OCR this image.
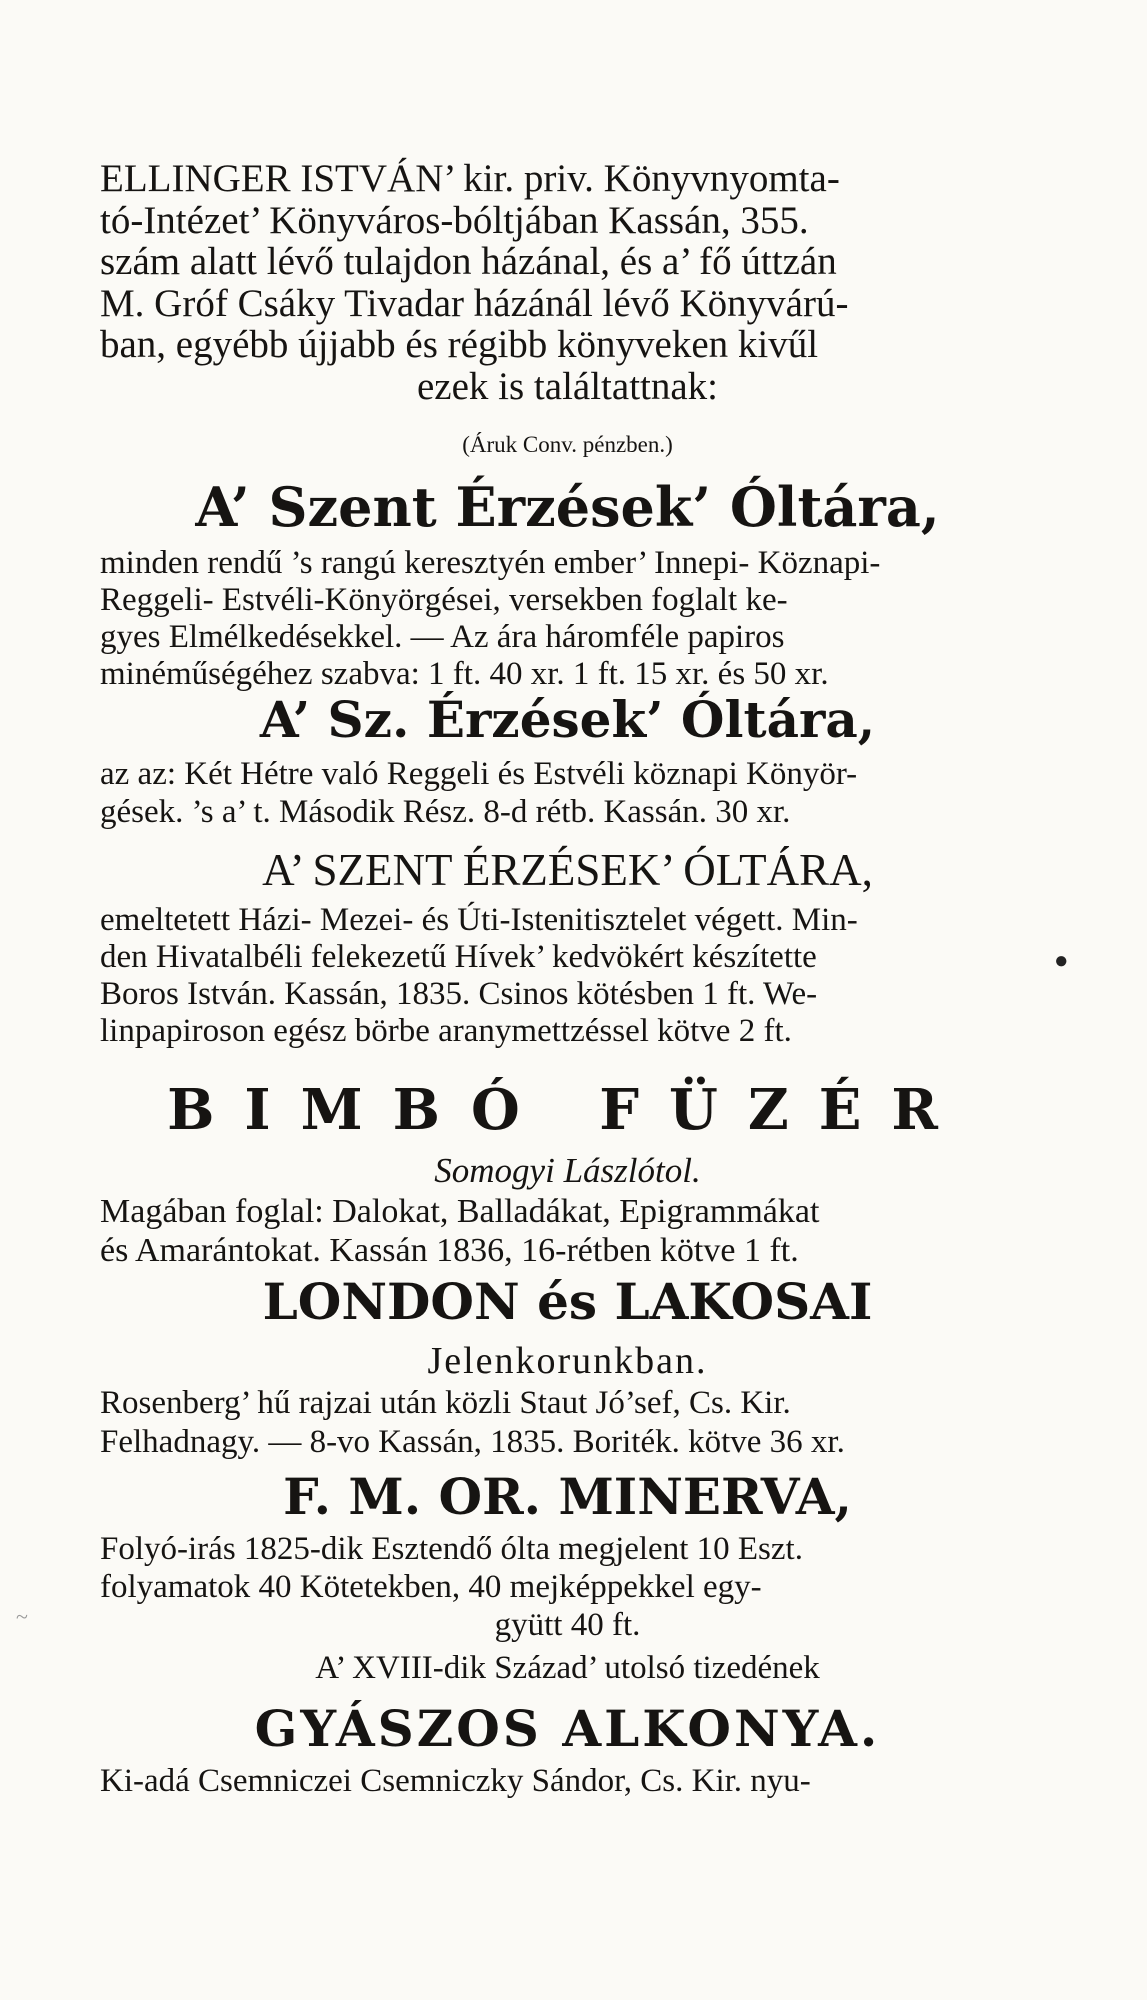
ELLINGER ISTVÁN’ kir. priv. Könyvnyomta-

tó-Intézet’ Könyváros-bóltjában Kassán, 355.

szám alatt lévő tulajdon házánal, és a’ fő úttzán

M. Gróf Csáky Tivadar házánál lévő Könyvárú-

ban, egyébb újjabb és régibb könyveken kivűl

ezek is találtattnak:

(Áruk Conv. pénzben.)

A’ Szent Érzések’ Óltára,

minden rendű ’s rangú keresztyén ember’ Innepi- Köznapi-

Reggeli- Estvéli-Könyörgései, versekben foglalt ke-

gyes Elmélkedésekkel. — Az ára háromféle papiros

minéműségéhez szabva: 1 ft. 40 xr. 1 ft. 15 xr. és 50 xr.

A’ Sz. Érzések’ Óltára,

az az: Két Hétre való Reggeli és Estvéli köznapi Könyör-

gések. ’s a’ t. Második Rész. 8-d rétb. Kassán. 30 xr.

A’ SZENT ÉRZÉSEK’ ÓLTÁRA,

emeltetett Házi- Mezei- és Úti-Istenitisztelet végett. Min-

den Hivatalbéli felekezetű Hívek’ kedvökért készítette

Boros István. Kassán, 1835. Csinos kötésben 1 ft. We-

linpapiroson egész börbe aranymettzéssel kötve 2 ft.

BIMBÓ FÜZÉR

Somogyi Lászlótol.

Magában foglal: Dalokat, Balladákat, Epigrammákat

és Amarántokat. Kassán 1836, 16-rétben kötve 1 ft.

LONDON és LAKOSAI

Jelenkorunkban.

Rosenberg’ hű rajzai után közli Staut Jó’sef, Cs. Kir.

Felhadnagy. — 8-vo Kassán, 1835. Boriték. kötve 36 xr.

F. M. OR. MINERVA,

Folyó-irás 1825-dik Esztendő ólta megjelent 10 Eszt.

folyamatok 40 Kötetekben, 40 mejképpekkel egy-

gyütt 40 ft.

A’ XVIII-dik Század’ utolsó tizedének

GYÁSZOS ALKONYA.

Ki-adá Csemniczei Csemniczky Sándor, Cs. Kir. nyu-

●
~
